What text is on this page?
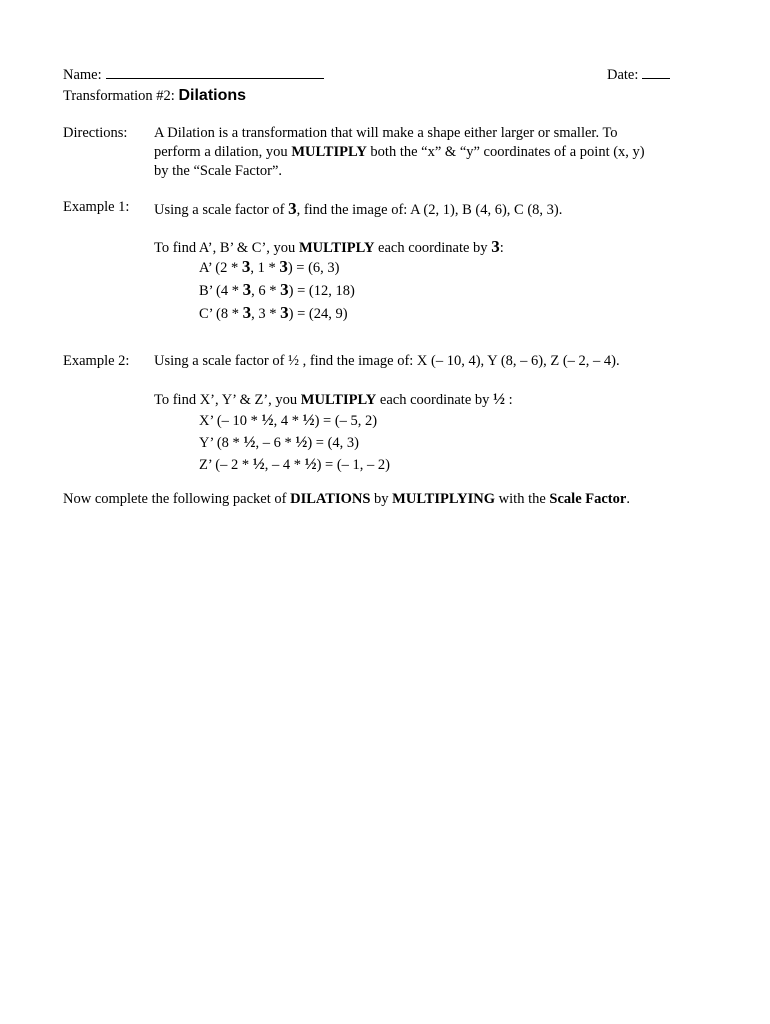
Name:	Date:
Transformation #2: Dilations
Directions: A Dilation is a transformation that will make a shape either larger or smaller. To
perform a dilation, you MULTIPLY both the “x” & “y” coordinates of a point (x, y)
by the “Scale Factor”.
Example 1: Using a scale factor of 3, find the image of: A (2, 1), B (4, 6), C (8, 3).
To find A’, B’ & C’, you MULTIPLY each coordinate by 3:
A’ (2 * 3, 1 * 3) = (6, 3)
B’ (4 * 3, 6 * 3) = (12, 18)
C’ (8 * 3, 3 * 3) = (24, 9)
Example 2: Using a scale factor of ½ , find the image of: X (– 10, 4), Y (8, – 6), Z (– 2, – 4).
To find X’, Y’ & Z’, you MULTIPLY each coordinate by ½ :
X’ (– 10 * ½, 4 * ½) = (– 5, 2)
Y’ (8 * ½, – 6 * ½) = (4, 3)
Z’ (– 2 * ½, – 4 * ½) = (– 1, – 2)
Now complete the following packet of DILATIONS by MULTIPLYING with the Scale Factor.
